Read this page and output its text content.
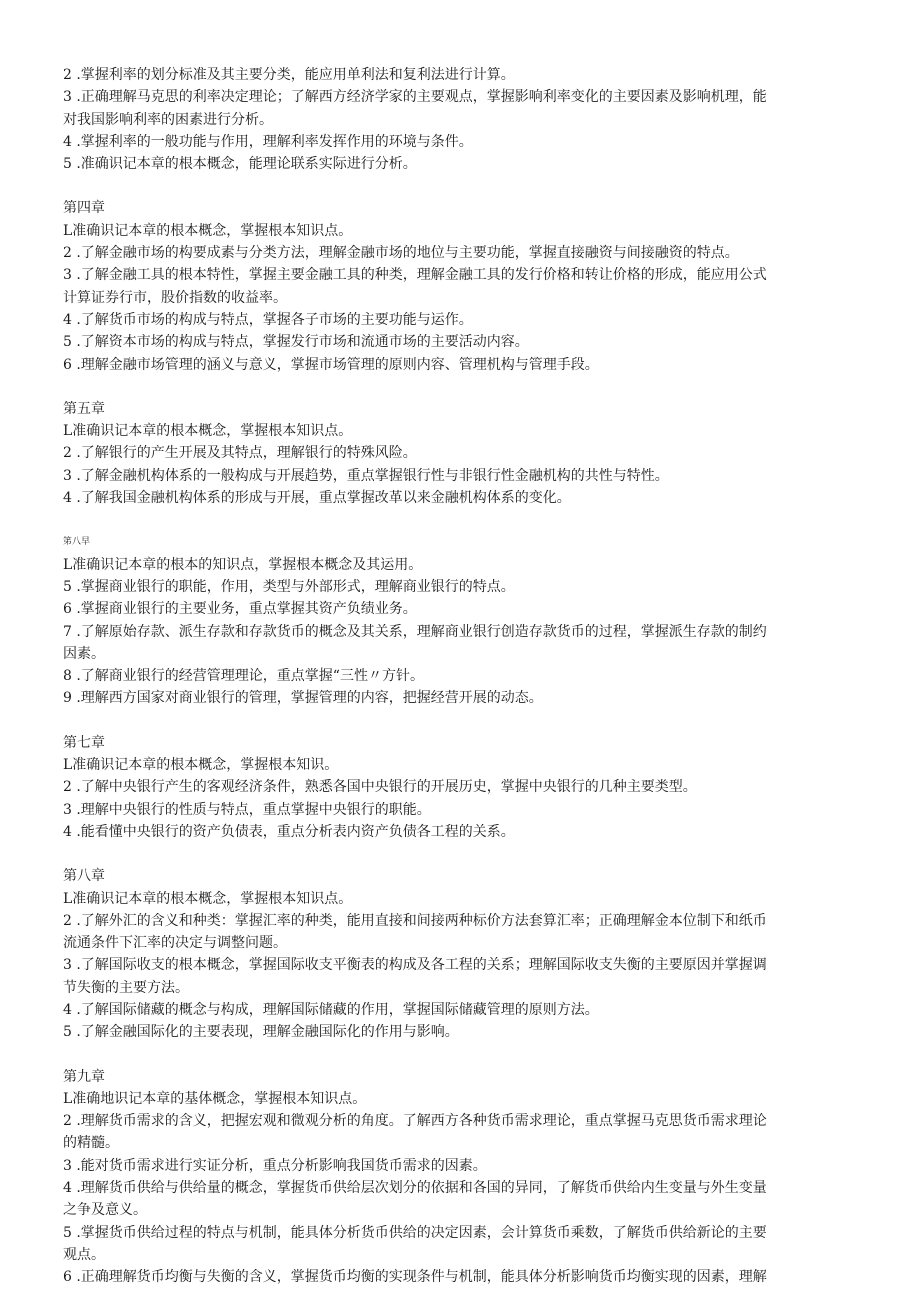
2 .掌握利率的划分标准及其主要分类，能应用单利法和复利法进行计算。
3 .正确理解马克思的利率决定理论；了解西方经济学家的主要观点，掌握影响利率变化的主要因素及影响机理，能
对我国影响利率的困素进行分析。
4 .掌握利率的一般功能与作用，理解利率发挥作用的环境与条件。
5 .准确识记本章的根本概念，能理论联系实际进行分析。
第四章
L准确识记本章的根本概念，掌握根本知识点。
2 .了解金融市场的构要成素与分类方法，理解金融市场的地位与主要功能，掌握直接融资与间接融资的特点。
3 .了解金融工具的根本特性，掌握主要金融工具的种类，理解金融工具的发行价格和转让价格的形成，能应用公式
计算证券行市，股价指数的收益率。
4 .了解货币市场的构成与特点，掌握各子市场的主要功能与运作。
5 .了解资本市场的构成与特点，掌握发行市场和流通市场的主要活动内容。
6 .理解金融市场管理的涵义与意义，掌握市场管理的原则内容、管理机构与管理手段。
第五章
L准确识记本章的根本概念，掌握根本知识点。
2 .了解银行的产生开展及其特点，理解银行的特殊风险。
3 .了解金融机构体系的一般构成与开展趋势，重点掌握银行性与非银行性金融机构的共性与特性。
4 .了解我国金融机构体系的形成与开展，重点掌握改革以来金融机构体系的变化。
笫八早
L准确识记本章的根本的知识点，掌握根本概念及其运用。
5 .掌握商业银行的职能，作用，类型与外部形式，理解商业银行的特点。
6 .掌握商业银行的主要业务，重点掌握其资产负绩业务。
7 .了解原始存款、派生存款和存款货币的概念及其关系，理解商业银行创造存款货币的过程，掌握派生存款的制约
因素。
8 .了解商业银行的经营管理理论，重点掌握“三性〃方针。
9 .理解西方国家对商业银行的管理，掌握管理的内容，把握经营开展的动态。
第七章
L准确识记本章的根本概念，掌握根本知识。
2 .了解中央银行产生的客观经济条件，熟悉各国中央银行的开展历史，掌握中央银行的几种主要类型。
3 .理解中央银行的性质与特点，重点掌握中央银行的职能。
4 .能看懂中央银行的资产负债表，重点分析表内资产负债各工程的关系。
第八章
L准确识记本章的根本概念，掌握根本知识点。
2 .了解外汇的含义和种类：掌握汇率的种类，能用直接和间接两种标价方法套算汇率；正确理解金本位制下和纸币
流通条件下汇率的决定与调整问题。
3 .了解国际收支的根本概念，掌握国际收支平衡表的构成及各工程的关系；理解国际收支失衡的主要原因并掌握调
节失衡的主要方法。
4 .了解国际储藏的概念与构成，理解国际储藏的作用，掌握国际储藏管理的原则方法。
5 .了解金融国际化的主要表现，理解金融国际化的作用与影响。
第九章
L准确地识记本章的基体概念，掌握根本知识点。
2 .理解货币需求的含义，把握宏观和微观分析的角度。了解西方各种货币需求理论，重点掌握马克思货币需求理论
的精髓。
3 .能对货币需求进行实证分析，重点分析影响我国货币需求的因素。
4 .理解货币供给与供给量的概念，掌握货币供给层次划分的依据和各国的异同，了解货币供给内生变量与外生变量
之争及意义。
5 .掌握货币供给过程的特点与机制，能具体分析货币供给的决定因素，会计算货币乘数，了解货币供给新论的主要
观点。
6 .正确理解货币均衡与失衡的含义，掌握货币均衡的实现条件与机制，能具体分析影响货币均衡实现的因素，理解
